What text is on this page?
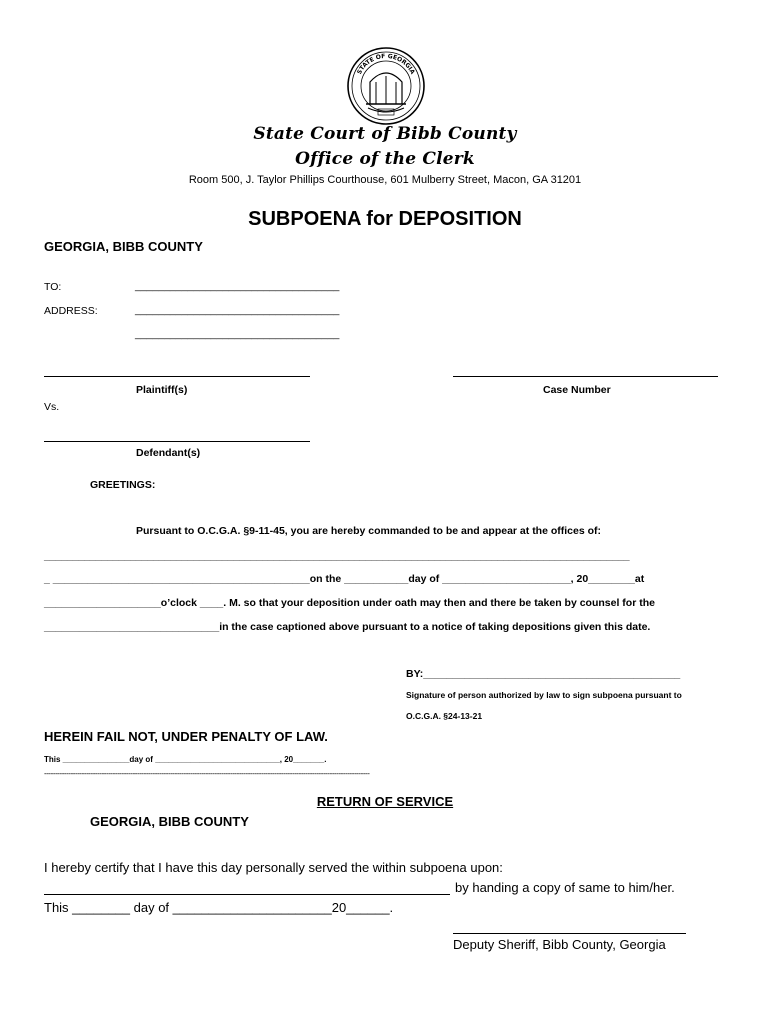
STATE OF GEORGIA
State Court of Bibb County
Office of the Clerk
Room 500, J. Taylor Phillips Courthouse, 601 Mulberry Street, Macon, GA 31201
SUBPOENA for DEPOSITION
GEORGIA, BIBB COUNTY
TO:	___________________________________
ADDRESS:	___________________________________
___________________________________
Plaintiff(s)	Case Number
Vs.
Defendant(s)
GREETINGS:
Pursuant to O.C.G.A. §9-11-45, you are hereby commanded to be and appear at the offices of:
______________________________________________________________________________________________________
_ ____________________________________________on the ___________day of ______________________, 20________at
____________________o’clock ____. M. so that your deposition under oath may then and there be taken by counsel for the
______________________________in the case captioned above pursuant to a notice of taking depositions given this date.
BY:____________________________________________
Signature of person authorized by law to sign subpoena pursuant to
O.C.G.A. §24-13-21
HEREIN FAIL NOT, UNDER PENALTY OF LAW.
This _______________day of ____________________________, 20_______.
---------------------------------------------------------------------------------------------------------------------------------------------------
RETURN OF SERVICE
GEORGIA, BIBB COUNTY
I hereby certify that I have this day personally served the within subpoena upon:
by handing a copy of same to him/her.
This ________ day of ______________________20______.
Deputy Sheriff, Bibb County, Georgia
